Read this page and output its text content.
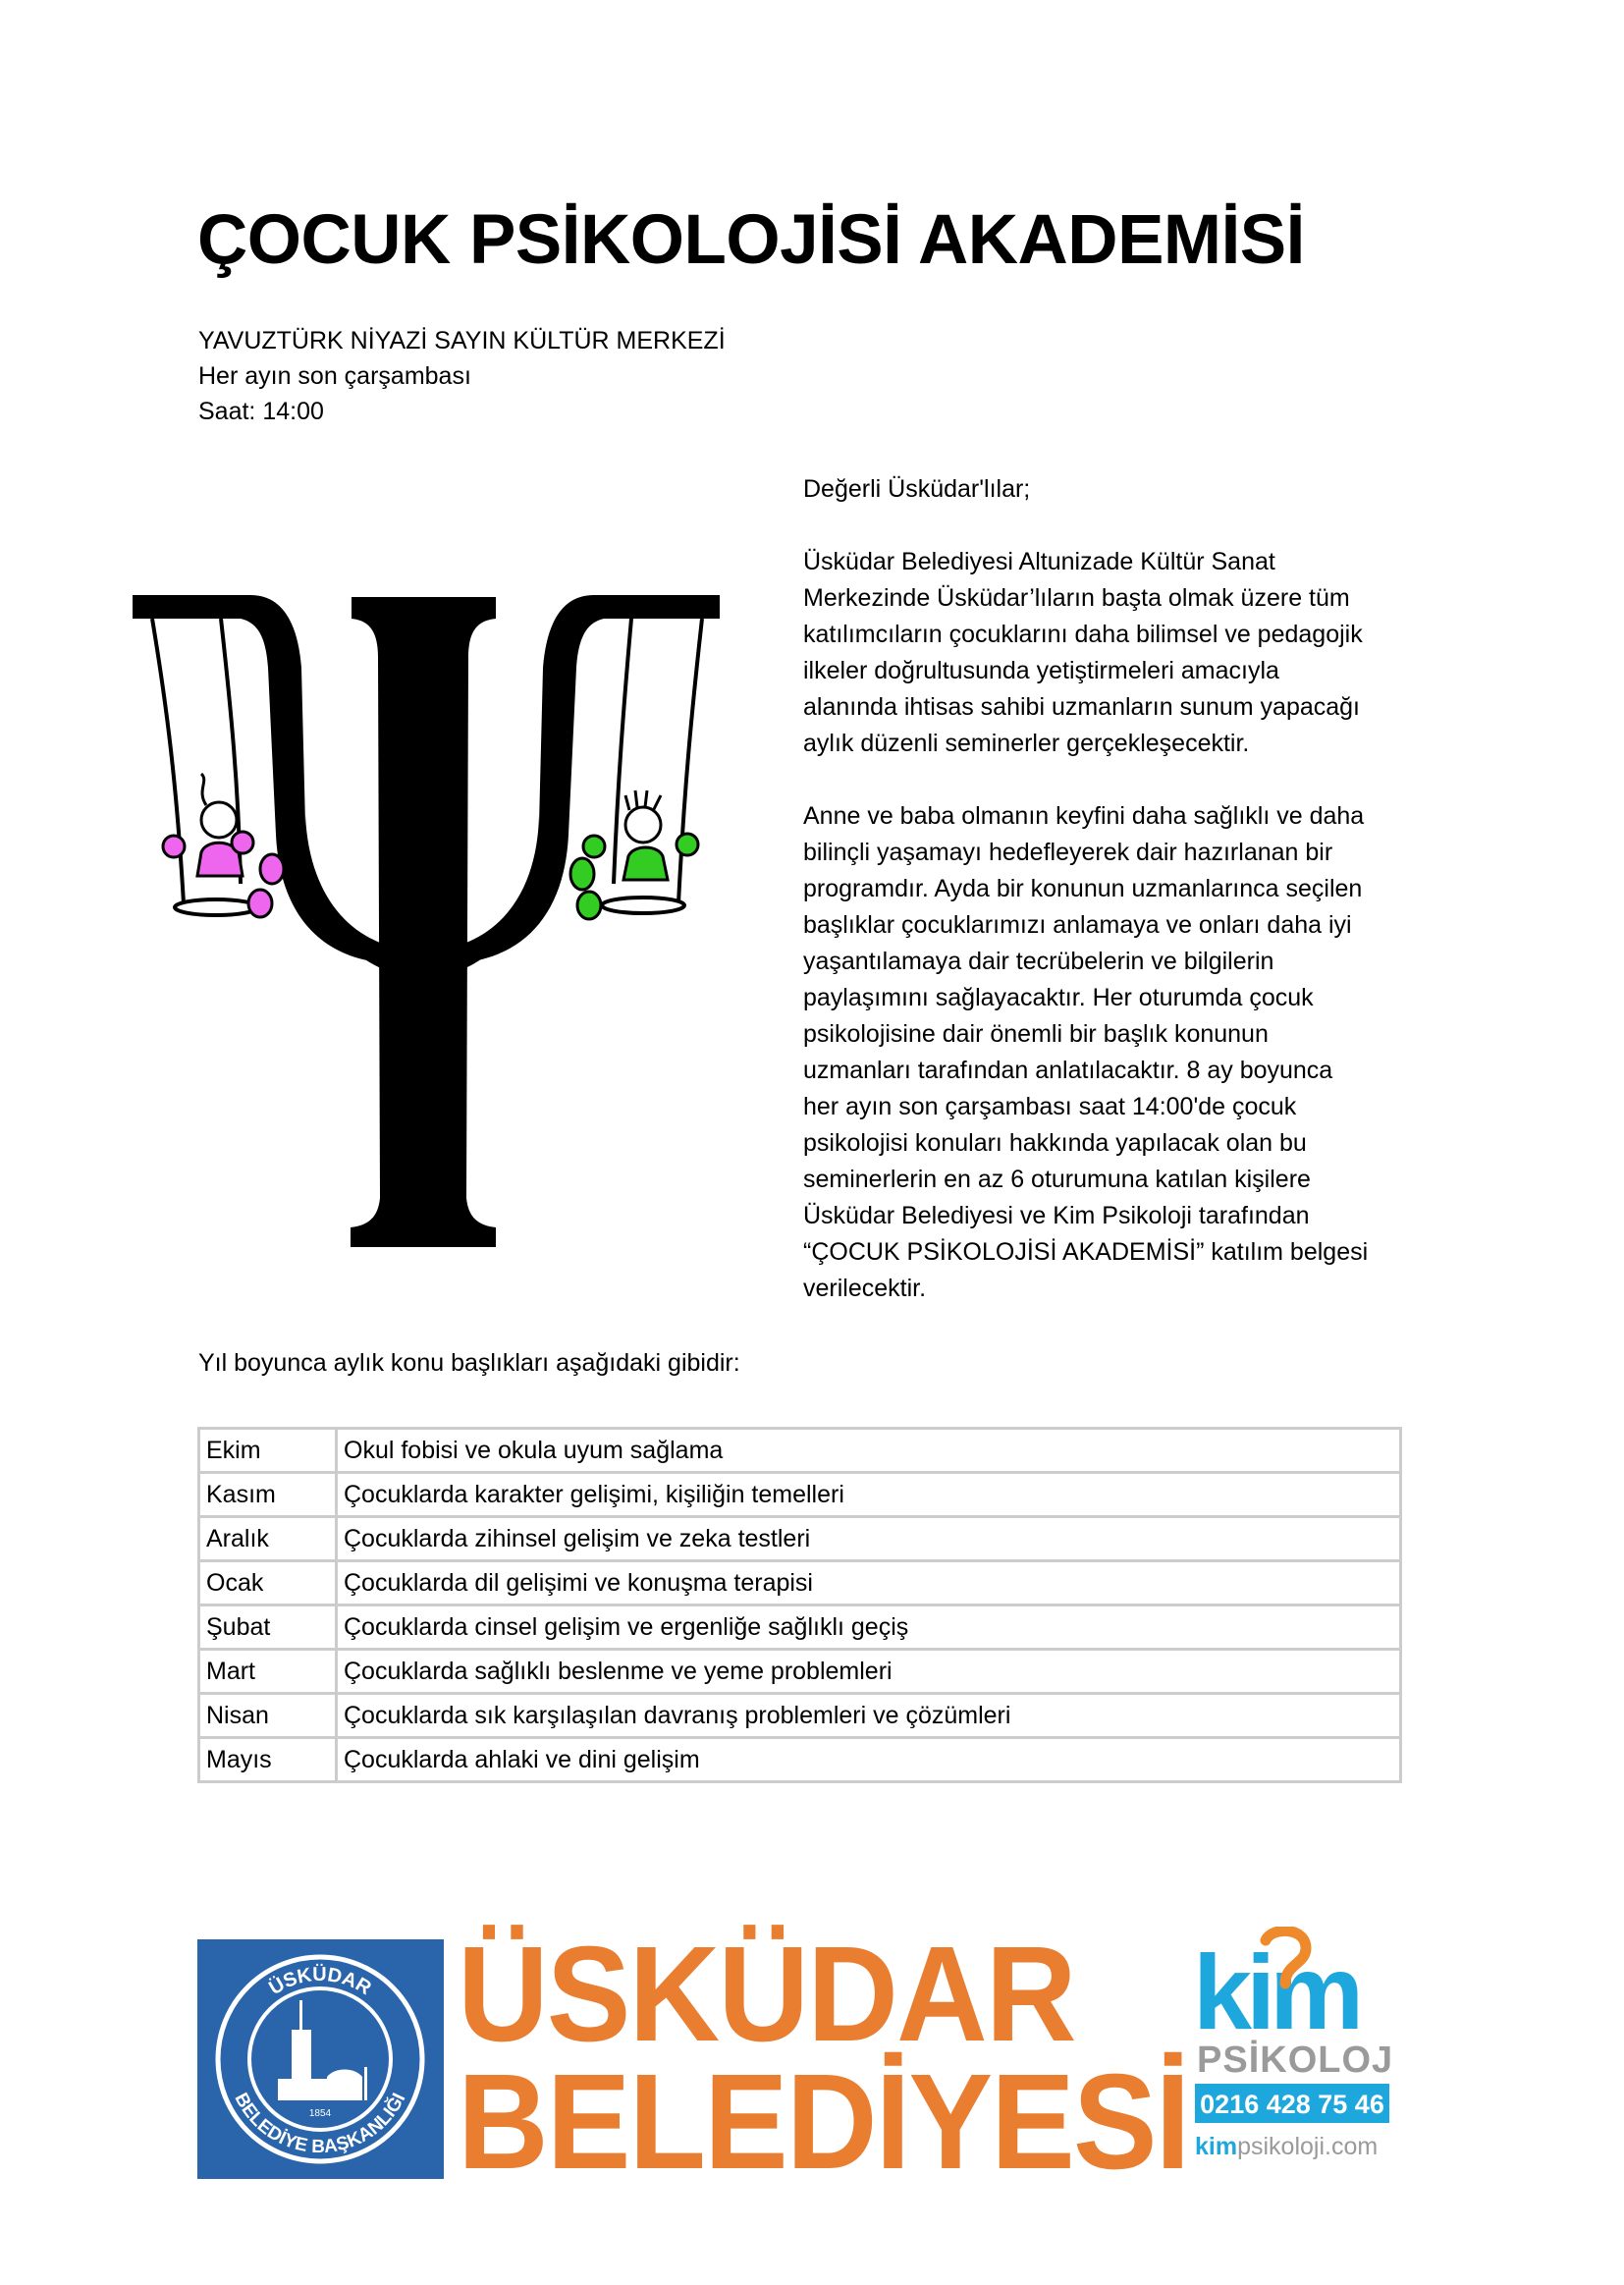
ÇOCUK PSİKOLOJİSİ AKADEMİSİ
YAVUZTÜRK NİYAZİ SAYIN KÜLTÜR MERKEZİ
Her ayın son çarşambası
Saat: 14:00

Değerli Üsküdar'lılar;

Üsküdar Belediyesi Altunizade Kültür Sanat
Merkezinde Üsküdar’lıların başta olmak üzere tüm
katılımcıların çocuklarını daha bilimsel ve pedagojik
ilkeler doğrultusunda yetiştirmeleri amacıyla
alanında ihtisas sahibi uzmanların sunum yapacağı
aylık düzenli seminerler gerçekleşecektir.

Anne ve baba olmanın keyfini daha sağlıklı ve daha
bilinçli yaşamayı hedefleyerek dair hazırlanan bir
programdır. Ayda bir konunun uzmanlarınca seçilen
başlıklar çocuklarımızı anlamaya ve onları daha iyi
yaşantılamaya dair tecrübelerin ve bilgilerin
paylaşımını sağlayacaktır. Her oturumda çocuk
psikolojisine dair önemli bir başlık konunun
uzmanları tarafından anlatılacaktır. 8 ay boyunca
her ayın son çarşambası saat 14:00'de çocuk
psikolojisi konuları hakkında yapılacak olan bu
seminerlerin en az 6 oturumuna katılan kişilere
Üsküdar Belediyesi ve Kim Psikoloji tarafından
“ÇOCUK PSİKOLOJİSİ AKADEMİSİ” katılım belgesi
verilecektir.

Yıl boyunca aylık konu başlıkları aşağıdaki gibidir:
Ekim	Okul fobisi ve okula uyum sağlama
Kasım	Çocuklarda karakter gelişimi, kişiliğin temelleri
Aralık	Çocuklarda zihinsel gelişim ve zeka testleri
Ocak	Çocuklarda dil gelişimi ve konuşma terapisi
Şubat	Çocuklarda cinsel gelişim ve ergenliğe sağlıklı geçiş
Mart	Çocuklarda sağlıklı beslenme ve yeme problemleri
Nisan	Çocuklarda sık karşılaşılan davranış problemleri ve çözümleri
Mayıs	Çocuklarda ahlaki ve dini gelişim
ÜSKÜDAR
BELEDİYE BAŞKANLIĞI
1854
ÜSKÜDAR
BELEDİYESİ
kim
PSİKOLOJİ
0216 428 75 46
kimpsikoloji.com
